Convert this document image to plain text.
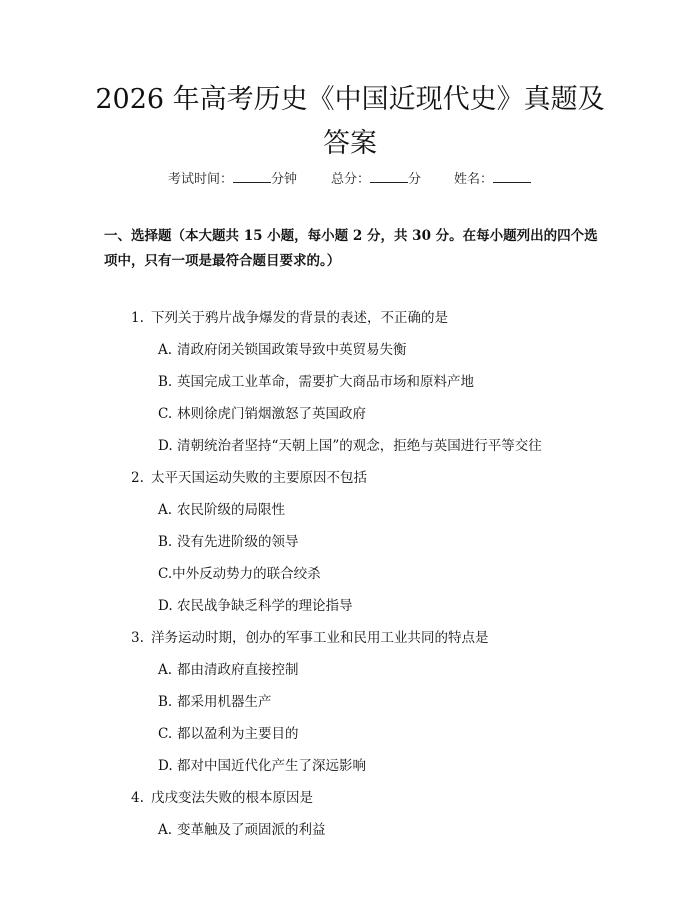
2026 年高考历史《中国近现代史》真题及答案
考试时间：	分钟	总分：	分	姓名：

一、选择题（本大题共 15 小题，每小题 2 分，共 30 分。在每小题列出的四个选项中，只有一项是最符合题目要求的。）

1. 下列关于鸦片战争爆发的背景的表述，不正确的是
A. 清政府闭关锁国政策导致中英贸易失衡
B. 英国完成工业革命，需要扩大商品市场和原料产地
C. 林则徐虎门销烟激怒了英国政府
D. 清朝统治者坚持“天朝上国”的观念，拒绝与英国进行平等交往
2. 太平天国运动失败的主要原因不包括
A. 农民阶级的局限性
B. 没有先进阶级的领导
C.中外反动势力的联合绞杀
D. 农民战争缺乏科学的理论指导
3. 洋务运动时期，创办的军事工业和民用工业共同的特点是
A. 都由清政府直接控制
B. 都采用机器生产
C. 都以盈利为主要目的
D. 都对中国近代化产生了深远影响
4. 戊戌变法失败的根本原因是
A. 变革触及了顽固派的利益
